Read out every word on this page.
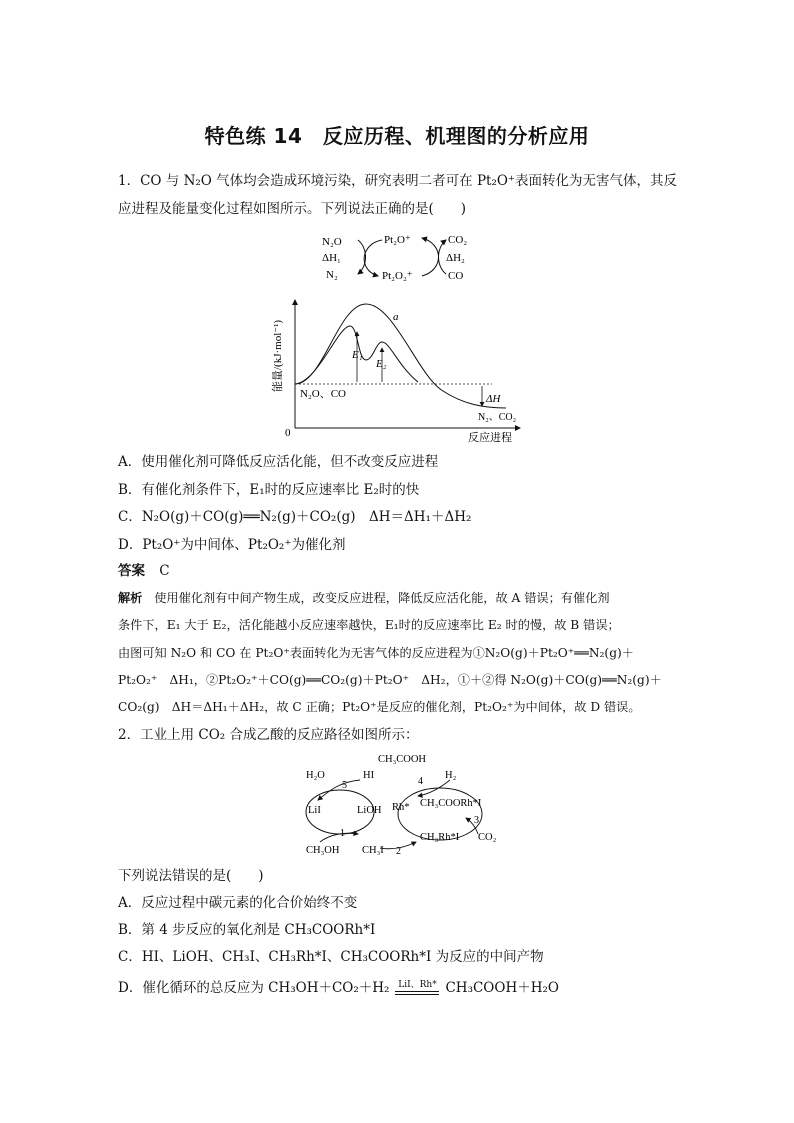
特色练 14　反应历程、机理图的分析应用
1．CO 与 N₂O 气体均会造成环境污染，研究表明二者可在 Pt₂O⁺表面转化为无害气体，其反
应进程及能量变化过程如图所示。下列说法正确的是(　　)
N₂O
ΔH₁
N₂
Pt₂O⁺
Pt₂O₂⁺
CO₂
ΔH₂
CO
能量/(kJ·mol⁻¹)
反应进程
0
a
E₁
E₂
N₂O、CO
N₂、CO₂
ΔH
A．使用催化剂可降低反应活化能，但不改变反应进程
B．有催化剂条件下，E₁时的反应速率比 E₂时的快
C．N₂O(g)＋CO(g)══N₂(g)＋CO₂(g)　ΔH＝ΔH₁＋ΔH₂
D．Pt₂O⁺为中间体、Pt₂O₂⁺为催化剂
答案 C
解析 使用催化剂有中间产物生成，改变反应进程，降低反应活化能，故 A 错误；有催化剂
条件下，E₁ 大于 E₂，活化能越小反应速率越快，E₁时的反应速率比 E₂ 时的慢，故 B 错误；
由图可知 N₂O 和 CO 在 Pt₂O⁺表面转化为无害气体的反应进程为①N₂O(g)＋Pt₂O⁺══N₂(g)＋
Pt₂O₂⁺　ΔH₁，②Pt₂O₂⁺＋CO(g)══CO₂(g)＋Pt₂O⁺　ΔH₂，①＋②得 N₂O(g)＋CO(g)══N₂(g)＋
CO₂(g)　ΔH＝ΔH₁＋ΔH₂，故 C 正确；Pt₂O⁺是反应的催化剂，Pt₂O₂⁺为中间体，故 D 错误。
2．工业上用 CO₂ 合成乙酸的反应路径如图所示：
CH₃COOH
H₂O	HI	H₂
5	4
LiI	LiOH Rh* CH₃COORh*I
3
1	CH₃Rh*I CO₂
CH₃OH CH₃I 2
下列说法错误的是(　　)
A．反应过程中碳元素的化合价始终不变
B．第 4 步反应的氧化剂是 CH₃COORh*I
C．HI、LiOH、CH₃I、CH₃Rh*I、CH₃COORh*I 为反应的中间产物
D．催化循环的总反应为 CH₃OH＋CO₂＋H₂ LiI、Rh* CH₃COOH＋H₂O
